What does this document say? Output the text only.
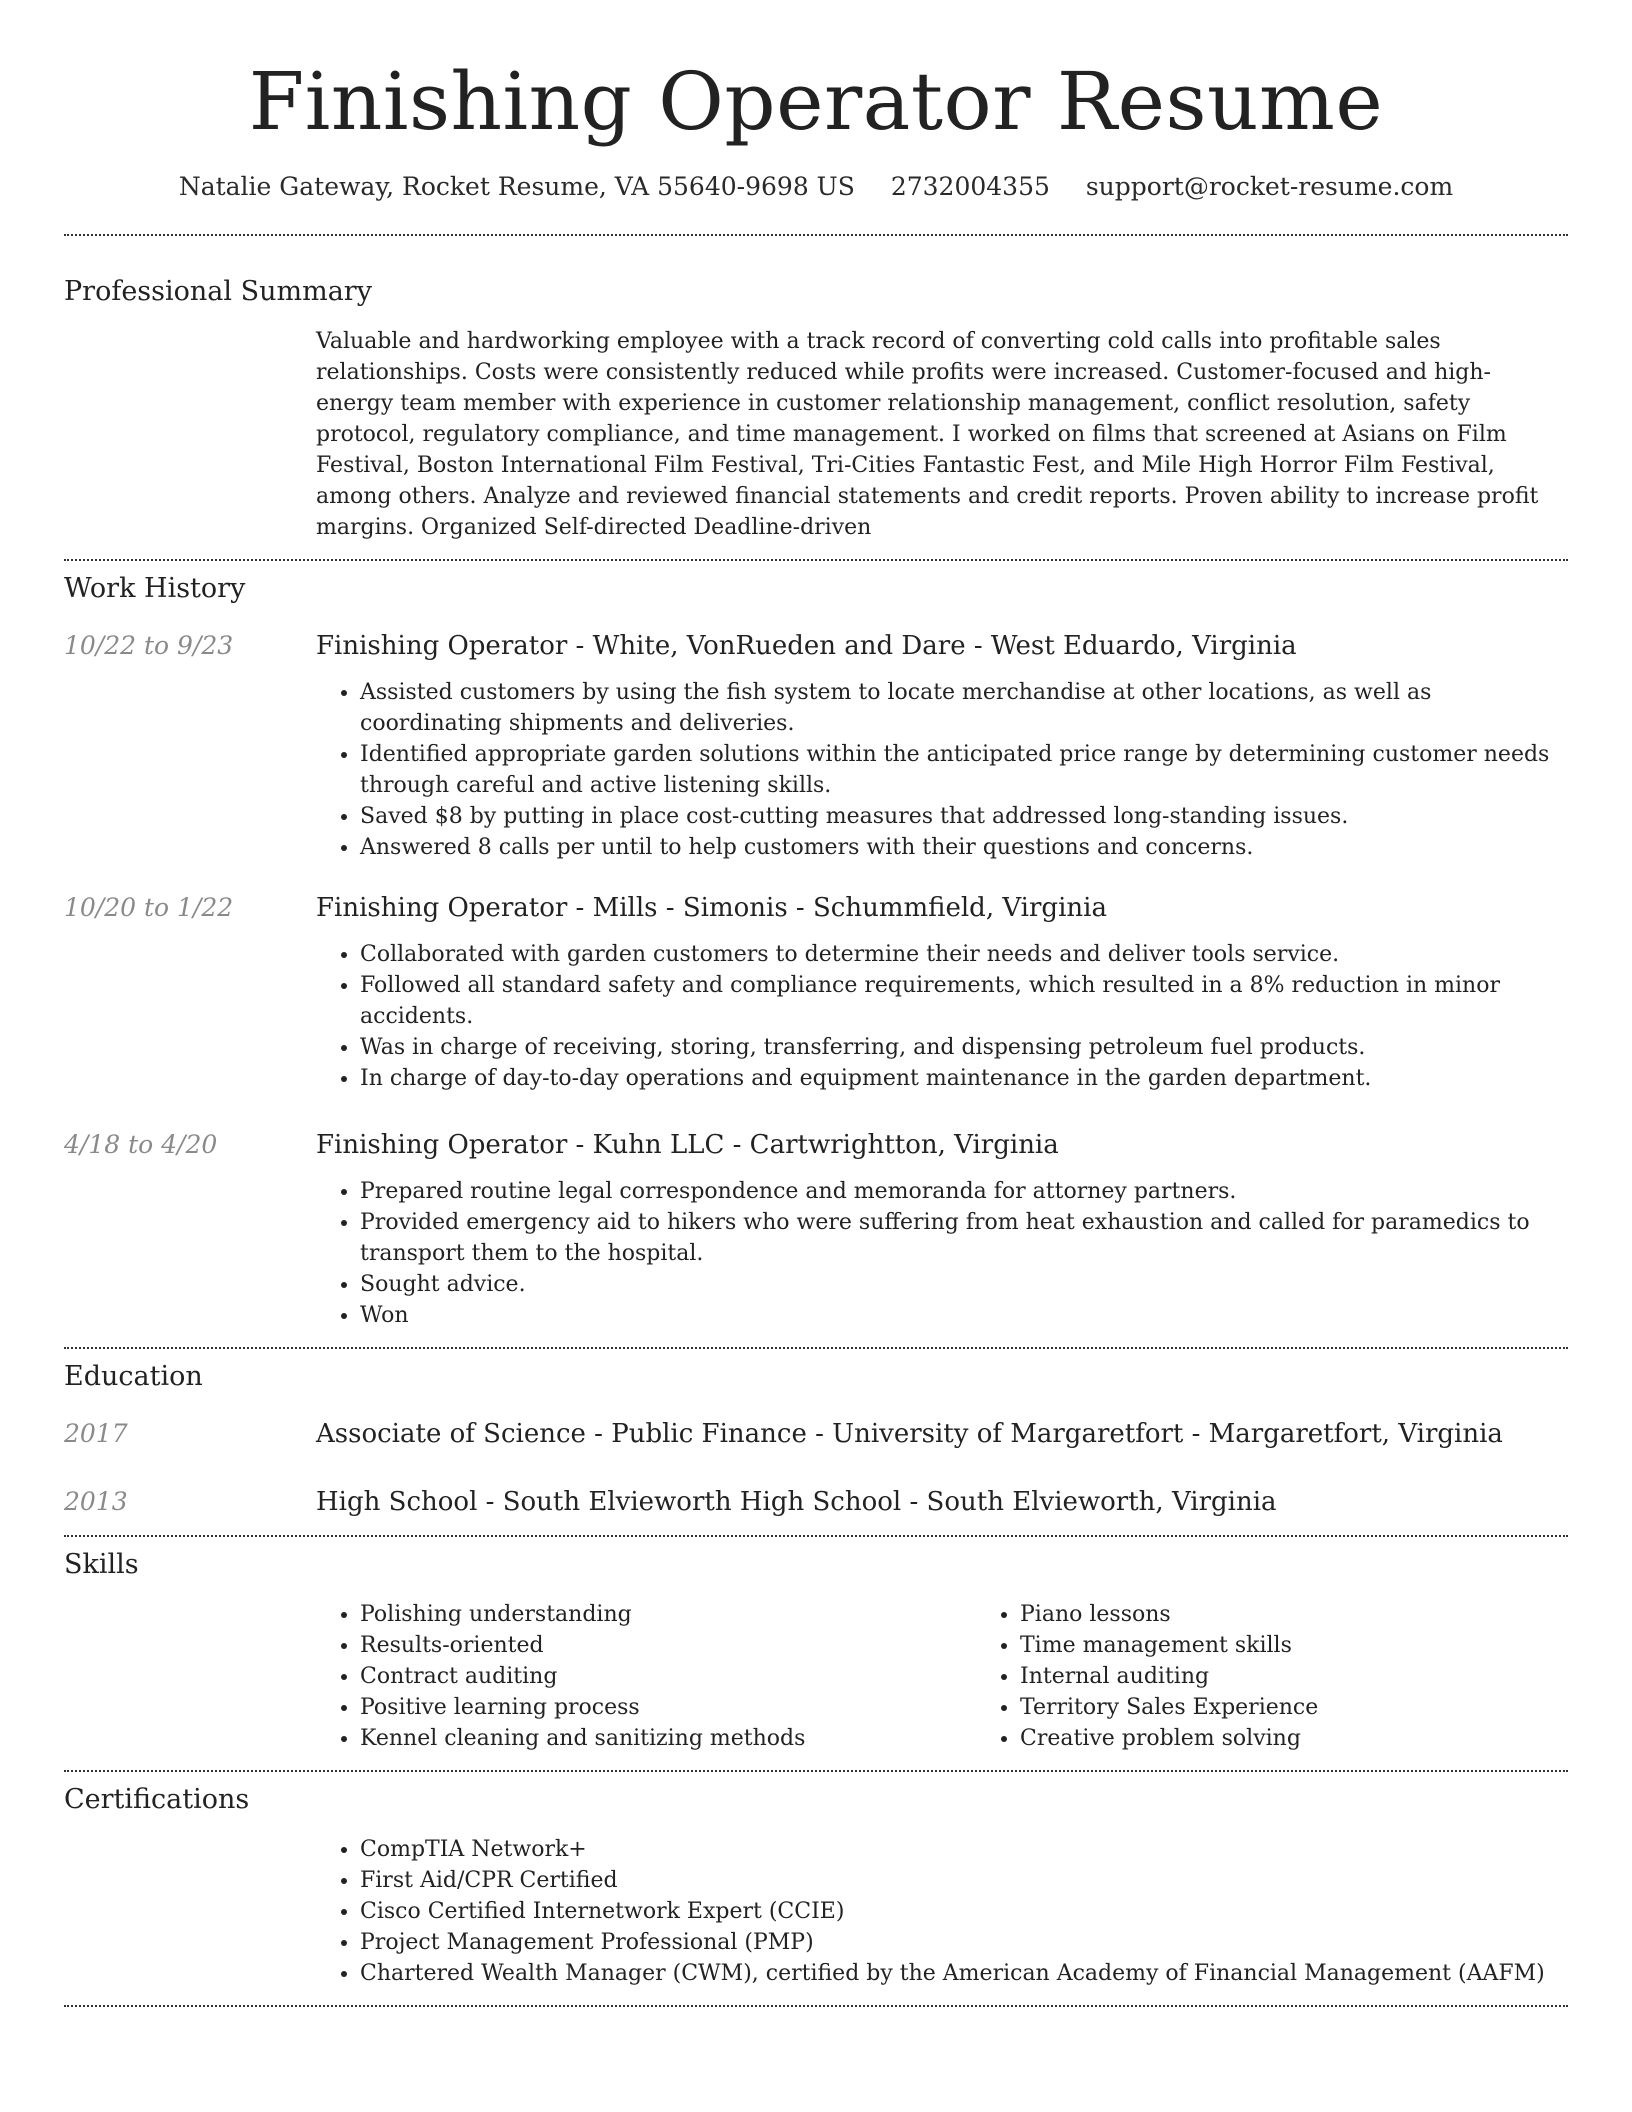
Finishing Operator Resume
Natalie Gateway, Rocket Resume, VA 55640-9698 US 2732004355 support@rocket-resume.com
Professional Summary

Valuable and hardworking employee with a track record of converting cold calls into profitable sales relationships. Costs were consistently reduced while profits were increased. Customer-focused and high-energy team member with experience in customer relationship management, conflict resolution, safety protocol, regulatory compliance, and time management. I worked on films that screened at Asians on Film Festival, Boston International Film Festival, Tri-Cities Fantastic Fest, and Mile High Horror Film Festival, among others. Analyze and reviewed financial statements and credit reports. Proven ability to increase profit margins. Organized Self-directed Deadline-driven

Work History
10/22 to 9/23	Finishing Operator - White, VonRueden and Dare - West Eduardo, Virginia
• Assisted customers by using the fish system to locate merchandise at other locations, as well as coordinating shipments and deliveries.
• Identified appropriate garden solutions within the anticipated price range by determining customer needs through careful and active listening skills.
• Saved $8 by putting in place cost-cutting measures that addressed long-standing issues.
• Answered 8 calls per until to help customers with their questions and concerns.
10/20 to 1/22	Finishing Operator - Mills - Simonis - Schummfield, Virginia
• Collaborated with garden customers to determine their needs and deliver tools service.
• Followed all standard safety and compliance requirements, which resulted in a 8% reduction in minor accidents.
• Was in charge of receiving, storing, transferring, and dispensing petroleum fuel products.
• In charge of day-to-day operations and equipment maintenance in the garden department.
4/18 to 4/20	Finishing Operator - Kuhn LLC - Cartwrightton, Virginia
• Prepared routine legal correspondence and memoranda for attorney partners.
• Provided emergency aid to hikers who were suffering from heat exhaustion and called for paramedics to transport them to the hospital.
• Sought advice.
• Won
Education
2017	Associate of Science - Public Finance - University of Margaretfort - Margaretfort, Virginia
2013	High School - South Elvieworth High School - South Elvieworth, Virginia
Skills
• Polishing understanding
• Results-oriented
• Contract auditing
• Positive learning process
• Kennel cleaning and sanitizing methods
• Piano lessons
• Time management skills
• Internal auditing
• Territory Sales Experience
• Creative problem solving
Certifications
• CompTIA Network+
• First Aid/CPR Certified
• Cisco Certified Internetwork Expert (CCIE)
• Project Management Professional (PMP)
• Chartered Wealth Manager (CWM), certified by the American Academy of Financial Management (AAFM)
